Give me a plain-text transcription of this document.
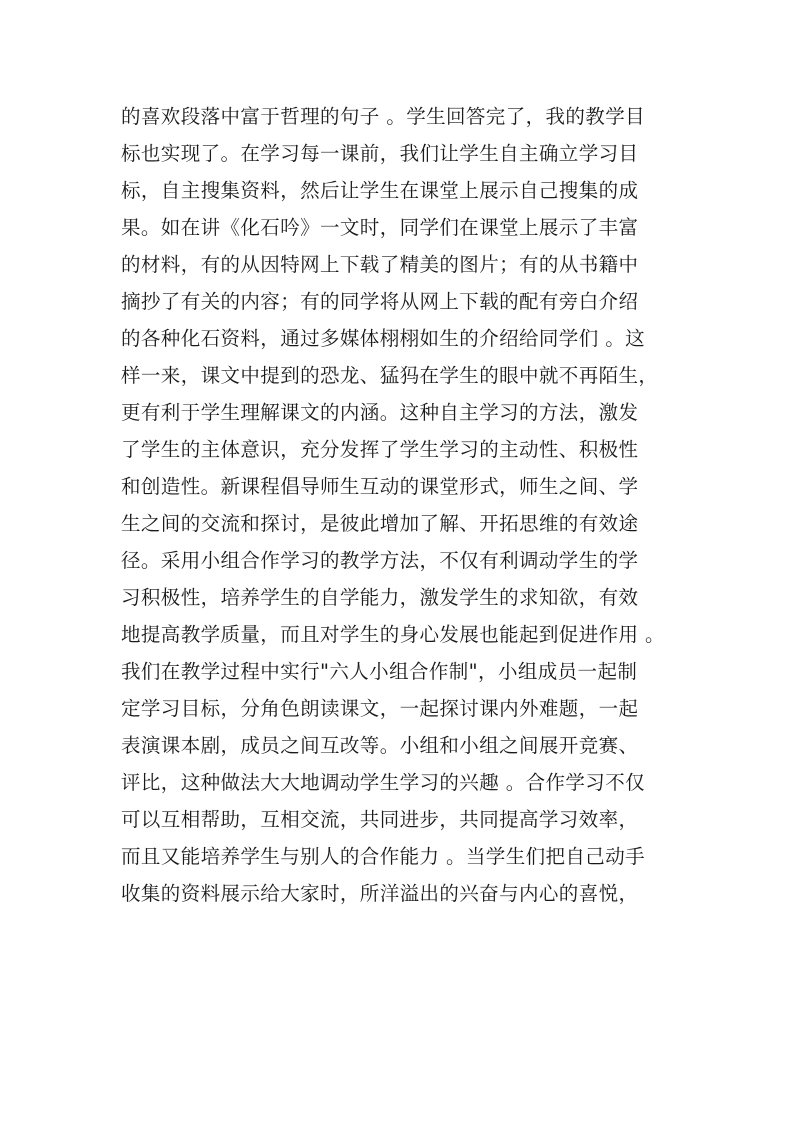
的喜欢段落中富于哲理的句子 。学生回答完了，我的教学目
标也实现了。在学习每一课前，我们让学生自主确立学习目
标，自主搜集资料，然后让学生在课堂上展示自己搜集的成
果。如在讲《化石吟》一文时，同学们在课堂上展示了丰富
的材料，有的从因特网上下载了精美的图片；有的从书籍中
摘抄了有关的内容；有的同学将从网上下载的配有旁白介绍
的各种化石资料，通过多媒体栩栩如生的介绍给同学们 。这
样一来，课文中提到的恐龙、猛犸在学生的眼中就不再陌生，
更有利于学生理解课文的内涵。这种自主学习的方法，激发
了学生的主体意识，充分发挥了学生学习的主动性、积极性
和创造性。新课程倡导师生互动的课堂形式，师生之间、学
生之间的交流和探讨，是彼此增加了解、开拓思维的有效途
径。采用小组合作学习的教学方法，不仅有利调动学生的学
习积极性，培养学生的自学能力，激发学生的求知欲，有效
地提高教学质量，而且对学生的身心发展也能起到促进作用 。
我们在教学过程中实行"六人小组合作制"，小组成员一起制
定学习目标，分角色朗读课文，一起探讨课内外难题，一起
表演课本剧，成员之间互改等。小组和小组之间展开竞赛、
评比，这种做法大大地调动学生学习的兴趣 。合作学习不仅
可以互相帮助，互相交流，共同进步，共同提高学习效率，
而且又能培养学生与别人的合作能力 。当学生们把自己动手
收集的资料展示给大家时，所洋溢出的兴奋与内心的喜悦，
